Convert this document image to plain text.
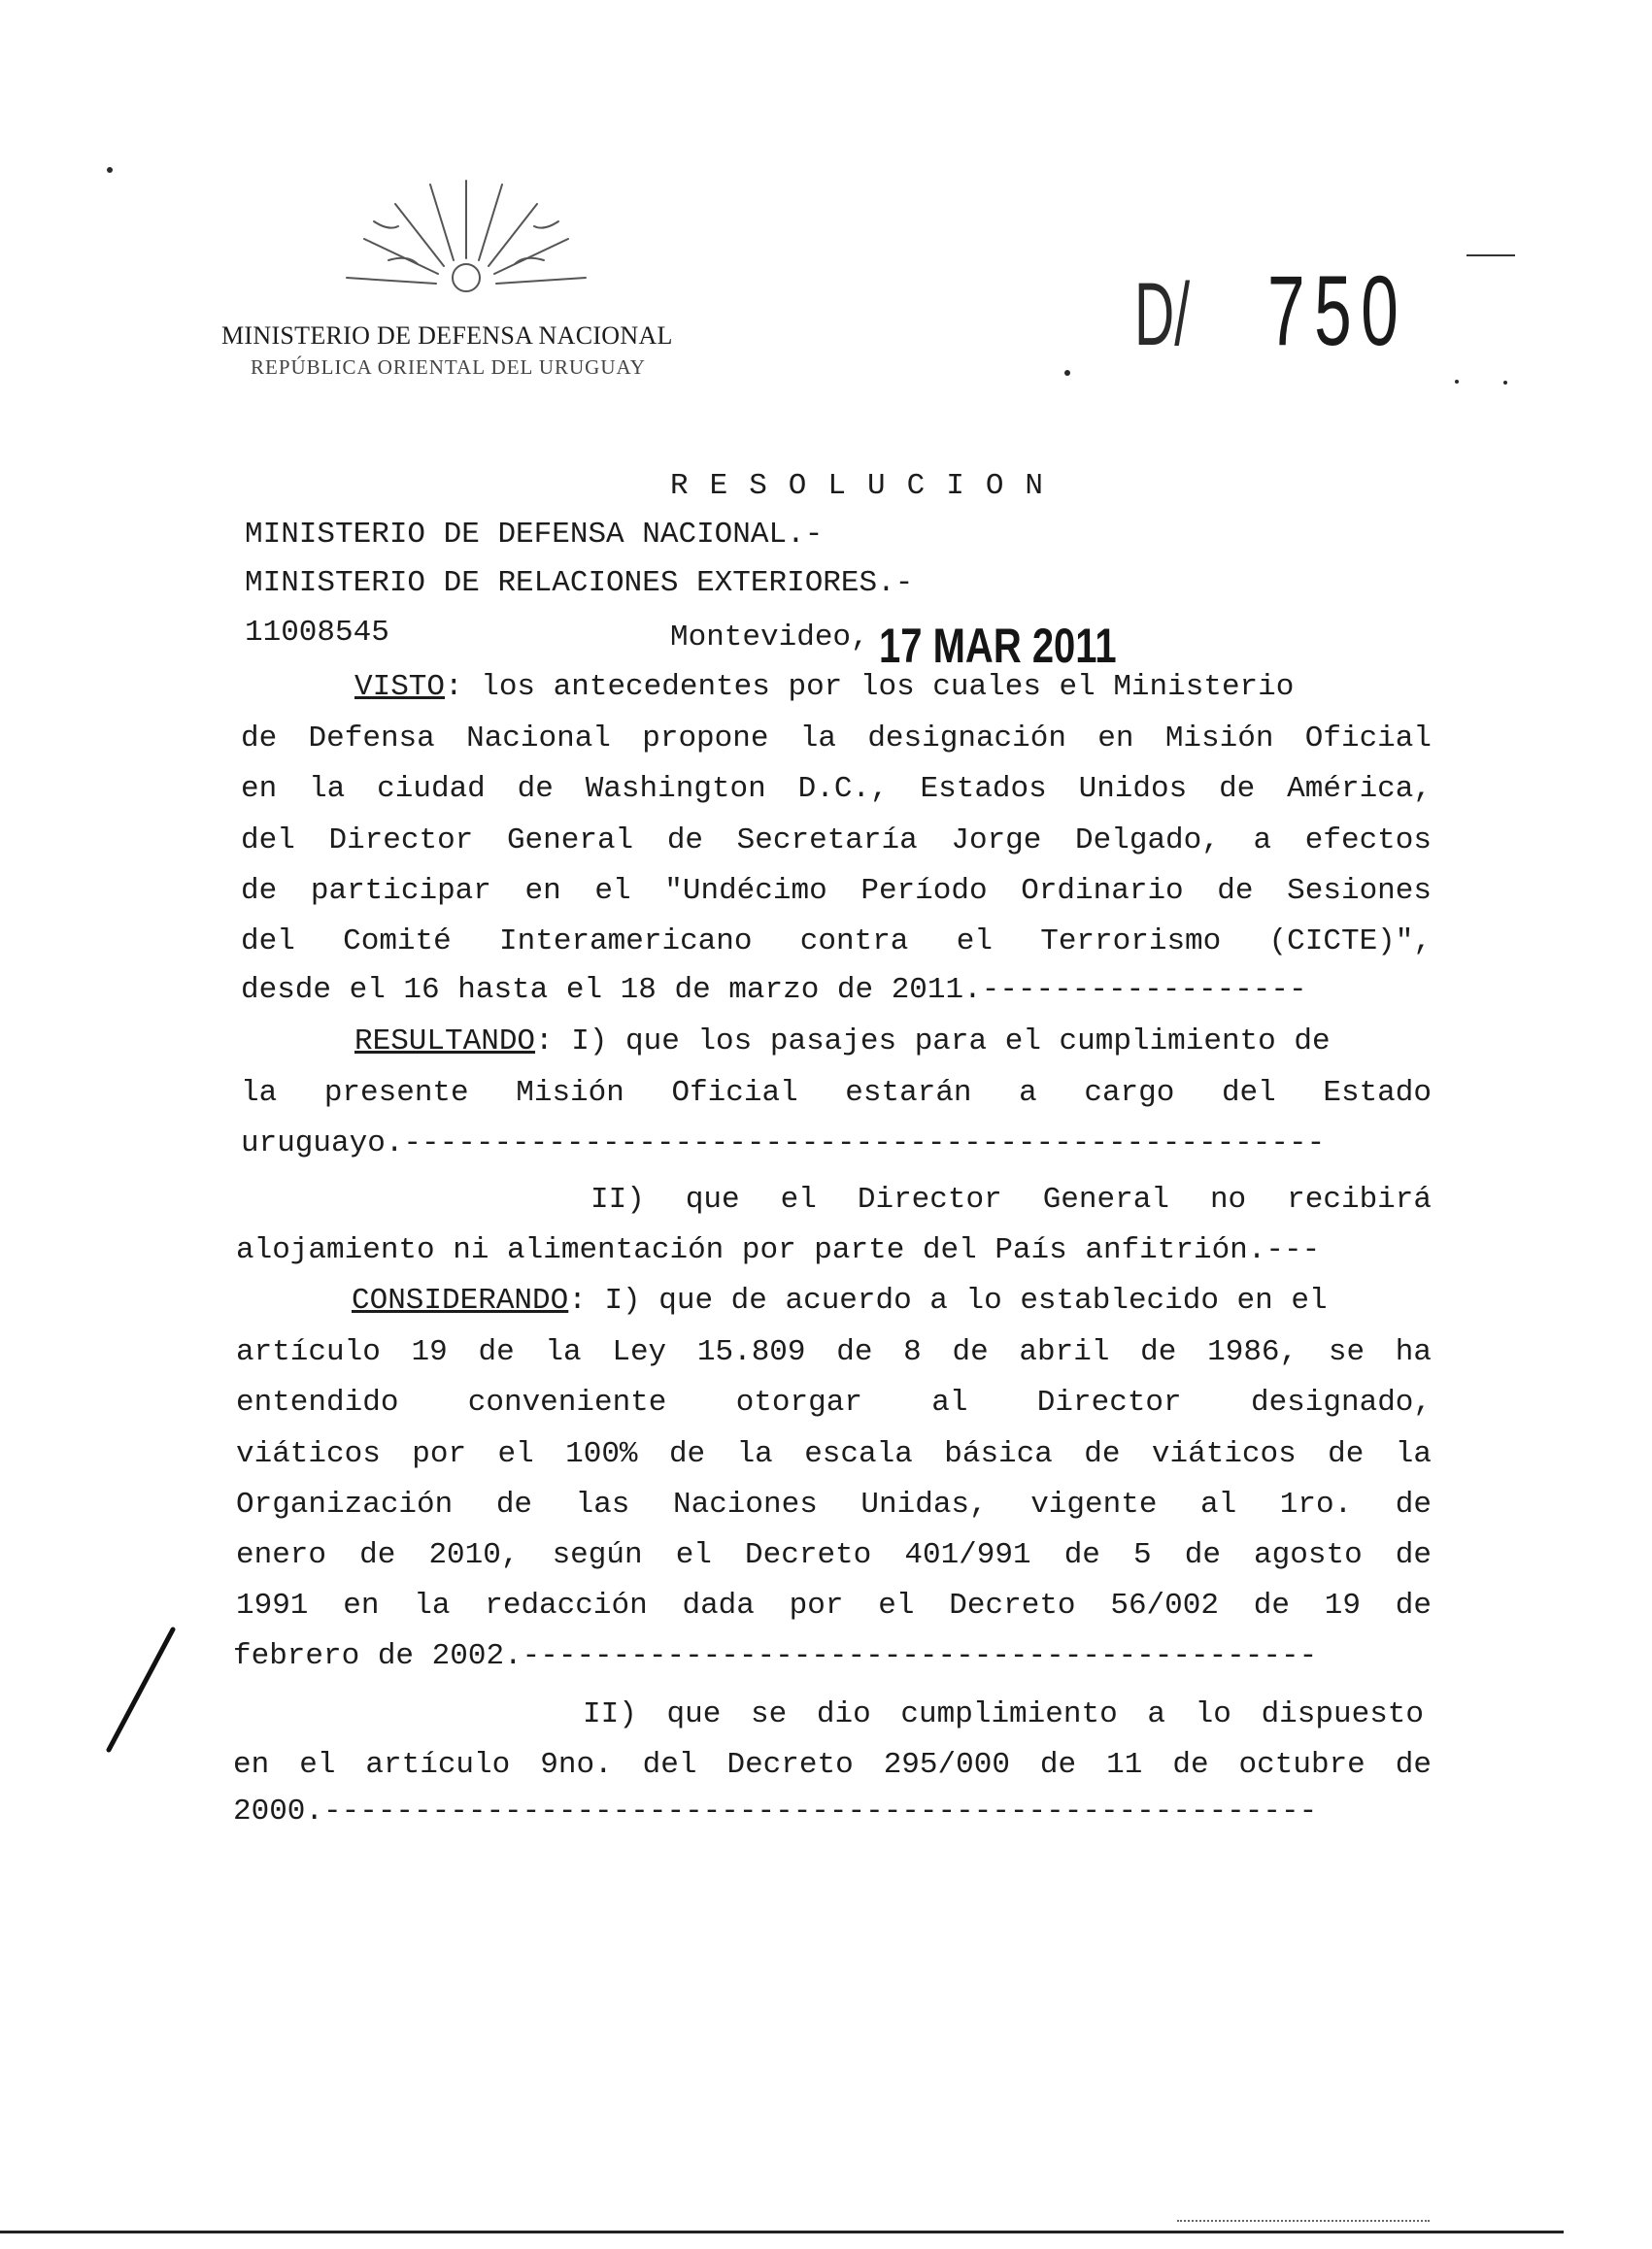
MINISTERIO DE DEFENSA NACIONAL
REPÚBLICA ORIENTAL DEL URUGUAY
D/ 750
RESOLUCION
MINISTERIO DE DEFENSA NACIONAL.-
MINISTERIO DE RELACIONES EXTERIORES.-
11008545	Montevideo, 17 MAR 2011
VISTO: los antecedentes por los cuales el Ministerio
de Defensa Nacional propone la designación en Misión Oficial
en la ciudad de Washington D.C., Estados Unidos de América,
del Director General de Secretaría Jorge Delgado, a efectos
de participar en el "Undécimo Período Ordinario de Sesiones
del Comité Interamericano contra el Terrorismo (CICTE)",
desde el 16 hasta el 18 de marzo de 2011.------------------
RESULTANDO: I) que los pasajes para el cumplimiento de
la presente Misión Oficial estarán a cargo del Estado
uruguayo.---------------------------------------------------
II) que el Director General no recibirá
alojamiento ni alimentación por parte del País anfitrión.---
CONSIDERANDO: I) que de acuerdo a lo establecido en el
artículo 19 de la Ley 15.809 de 8 de abril de 1986, se ha
entendido conveniente otorgar al Director designado,
viáticos por el 100% de la escala básica de viáticos de la
Organización de las Naciones Unidas, vigente al 1ro. de
enero de 2010, según el Decreto 401/991 de 5 de agosto de
1991 en la redacción dada por el Decreto 56/002 de 19 de
febrero de 2002.--------------------------------------------
II) que se dio cumplimiento a lo dispuesto
en el artículo 9no. del Decreto 295/000 de 11 de octubre de
2000.-------------------------------------------------------
